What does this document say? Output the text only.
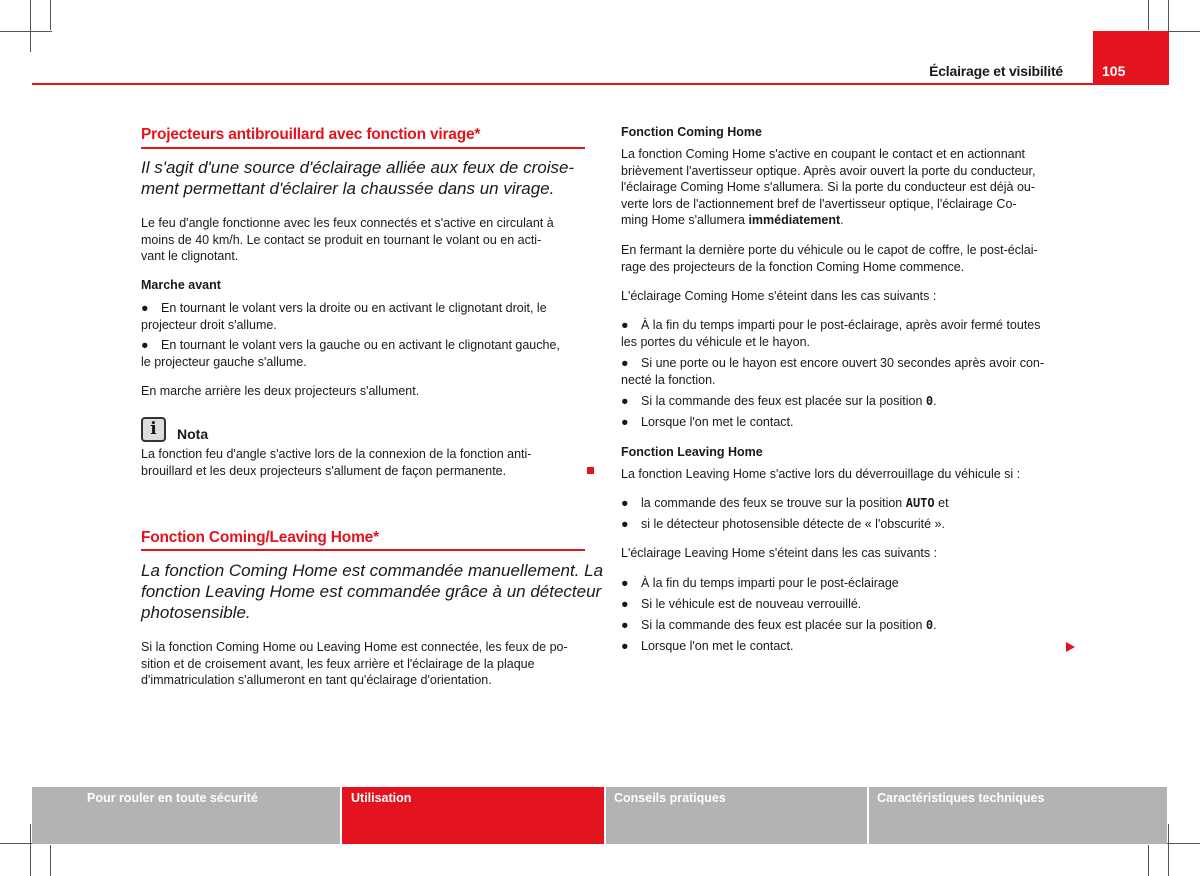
Éclairage et visibilité	105
Projecteurs antibrouillard avec fonction virage*
Il s'agit d'une source d'éclairage alliée aux feux de croise-
ment permettant d'éclairer la chaussée dans un virage.
Le feu d'angle fonctionne avec les feux connectés et s'active en circulant à
moins de 40 km/h. Le contact se produit en tournant le volant ou en acti-
vant le clignotant.
Marche avant
● En tournant le volant vers la droite ou en activant le clignotant droit, le
projecteur droit s'allume.
● En tournant le volant vers la gauche ou en activant le clignotant gauche,
le projecteur gauche s'allume.
En marche arrière les deux projecteurs s'allument.
i Nota
La fonction feu d'angle s'active lors de la connexion de la fonction anti-
brouillard et les deux projecteurs s'allument de façon permanente.
Fonction Coming/Leaving Home*
La fonction Coming Home est commandée manuellement. La
fonction Leaving Home est commandée grâce à un détecteur
photosensible.
Si la fonction Coming Home ou Leaving Home est connectée, les feux de po-
sition et de croisement avant, les feux arrière et l'éclairage de la plaque
d'immatriculation s'allumeront en tant qu'éclairage d'orientation.
Fonction Coming Home
La fonction Coming Home s'active en coupant le contact et en actionnant
brièvement l'avertisseur optique. Après avoir ouvert la porte du conducteur,
l'éclairage Coming Home s'allumera. Si la porte du conducteur est déjà ou-
verte lors de l'actionnement bref de l'avertisseur optique, l'éclairage Co-
ming Home s'allumera immédiatement.
En fermant la dernière porte du véhicule ou le capot de coffre, le post-éclai-
rage des projecteurs de la fonction Coming Home commence.
L'éclairage Coming Home s'éteint dans les cas suivants :
● À la fin du temps imparti pour le post-éclairage, après avoir fermé toutes
les portes du véhicule et le hayon.
● Si une porte ou le hayon est encore ouvert 30 secondes après avoir con-
necté la fonction.
● Si la commande des feux est placée sur la position 0.
● Lorsque l'on met le contact.
Fonction Leaving Home
La fonction Leaving Home s'active lors du déverrouillage du véhicule si :
● la commande des feux se trouve sur la position AUTO et
● si le détecteur photosensible détecte de « l'obscurité ».
L'éclairage Leaving Home s'éteint dans les cas suivants :
● À la fin du temps imparti pour le post-éclairage
● Si le véhicule est de nouveau verrouillé.
● Si la commande des feux est placée sur la position 0.
● Lorsque l'on met le contact.
Pour rouler en toute sécurité	Utilisation	Conseils pratiques	Caractéristiques techniques
